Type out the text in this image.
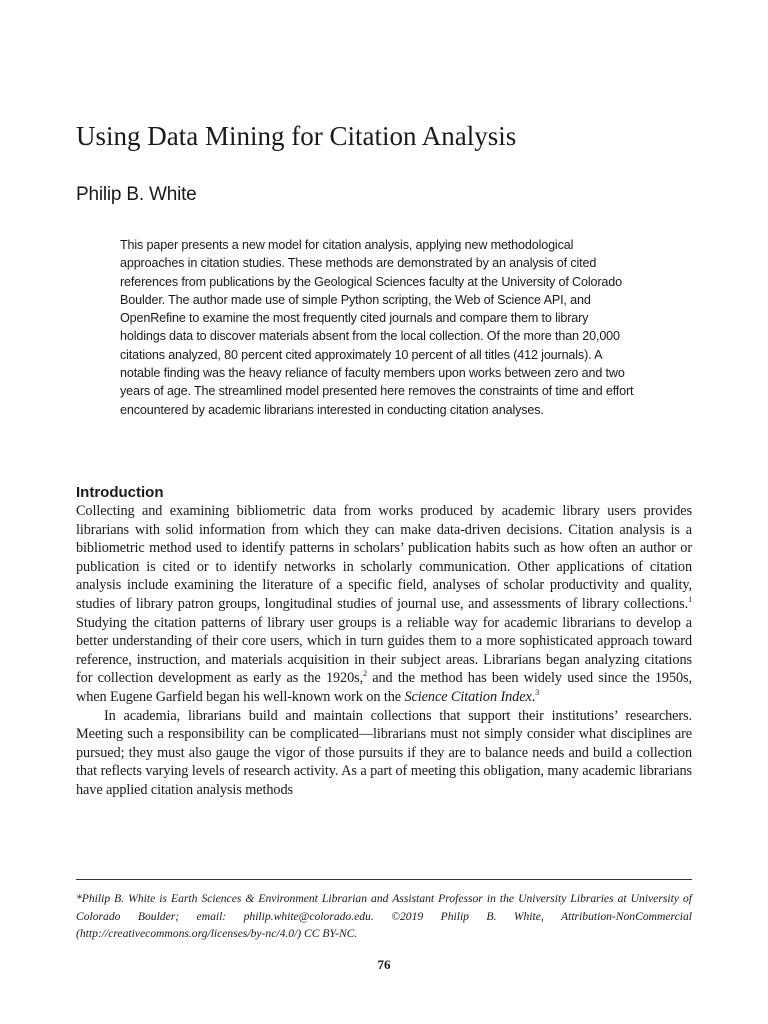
Using Data Mining for Citation Analysis

Philip B. White

This paper presents a new model for citation analysis, applying new methodological approaches in citation studies. These methods are demonstrated by an analysis of cited references from publications by the Geological Sciences faculty at the University of Colorado Boulder. The author made use of simple Python scripting, the Web of Science API, and OpenRefine to examine the most frequently cited journals and compare them to library holdings data to discover materials absent from the local collection. Of the more than 20,000 citations analyzed, 80 percent cited approximately 10 percent of all titles (412 journals). A notable finding was the heavy reliance of faculty members upon works between zero and two years of age. The streamlined model presented here removes the constraints of time and effort encountered by academic librarians interested in conducting citation analyses.

Introduction

Collecting and examining bibliometric data from works produced by academic library users provides librarians with solid information from which they can make data-driven decisions. Citation analysis is a bibliometric method used to identify patterns in scholars’ publication habits such as how often an author or publication is cited or to identify networks in scholarly communication. Other applications of citation analysis include examining the literature of a specific field, analyses of scholar productivity and quality, studies of library patron groups, longitudinal studies of journal use, and assessments of library collections.$^1$ Studying the citation patterns of library user groups is a reliable way for academic librarians to develop a better understanding of their core users, which in turn guides them to a more sophisticated approach toward reference, instruction, and materials acquisition in their subject areas. Librarians began analyzing citations for collection development as early as the 1920s,$^2$ and the method has been widely used since the 1950s, when Eugene Garfield began his well-known work on the Science Citation Index.$^3$

In academia, librarians build and maintain collections that support their institutions’ researchers. Meeting such a responsibility can be complicated—librarians must not simply consider what disciplines are pursued; they must also gauge the vigor of those pursuits if they are to balance needs and build a collection that reflects varying levels of research activity. As a part of meeting this obligation, many academic librarians have applied citation analysis methods

*Philip B. White is Earth Sciences & Environment Librarian and Assistant Professor in the University Libraries at University of Colorado Boulder; email: philip.white@colorado.edu. ©2019 Philip B. White, Attribution-NonCommercial (http://creativecommons.org/licenses/by-nc/4.0/) CC BY-NC.

76
